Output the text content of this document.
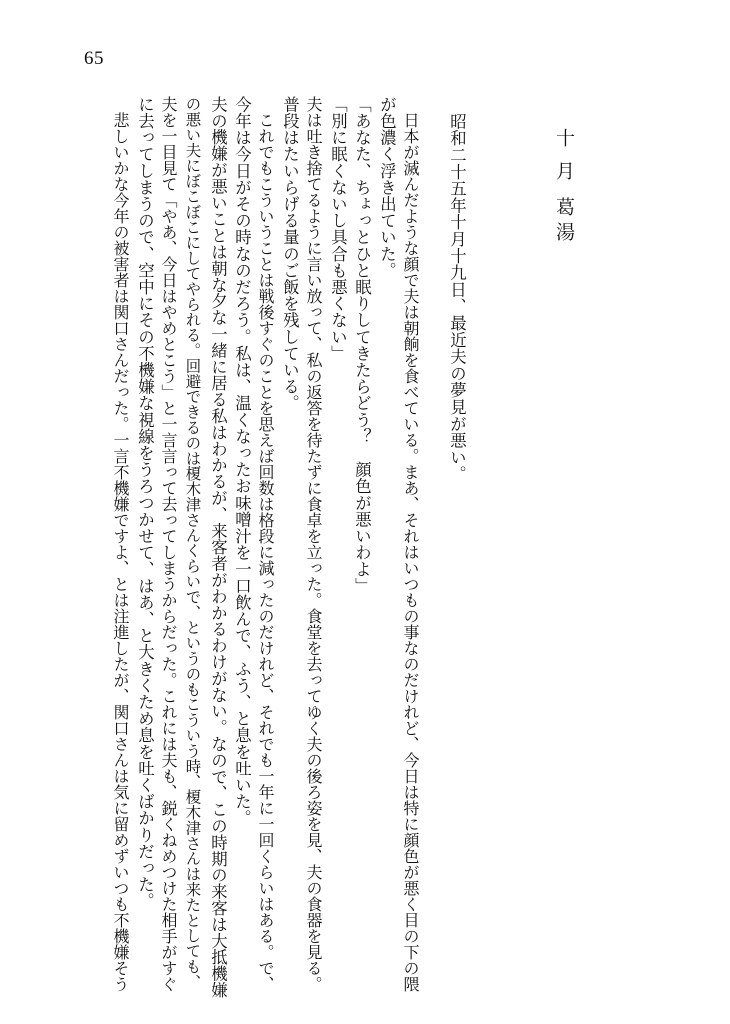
65
十月
葛湯
昭和二十五年十月十九日、最近夫の夢見が悪い。
日本が滅んだような顔で夫は朝餉を食べている。まあ、それはいつもの事なのだけれど、今日は特に顔色が悪く目の下の隈
が色濃く浮き出ていた。
「あなた、ちょっとひと眠りしてきたらどう？　顔色が悪いわよ」
「別に眠くないし具合も悪くない」
夫は吐き捨てるように言い放って、私の返答を待たずに食卓を立った。食堂を去ってゆく夫の後ろ姿を見、夫の食器を見る。
普段はたいらげる量のご飯を残している。
これでもこういうことは戦後すぐのことを思えば回数は格段に減ったのだけれど、それでも一年に一回くらいはある。で、
今年は今日がその時なのだろう。私は、温くなったお味噌汁を一口飲んで、ふう、と息を吐いた。
夫の機嫌が悪いことは朝な夕な一緒に居る私はわかるが、来客者がわかるわけがない。なので、この時期の来客は大抵機嫌
の悪い夫にぼこぼこにしてやられる。回避できるのは榎木津さんくらいで、というのもこういう時、榎木津さんは来たとしても、
夫を一目見て「やあ、今日はやめとこう」と一言言って去ってしまうからだった。これには夫も、鋭くねめつけた相手がすぐ
に去ってしまうので、空中にその不機嫌な視線をうろつかせて、はあ、と大きくため息を吐くばかりだった。
悲しいかな今年の被害者は関口さんだった。一言不機嫌ですよ、とは注進したが、関口さんは気に留めずいつも不機嫌そう
